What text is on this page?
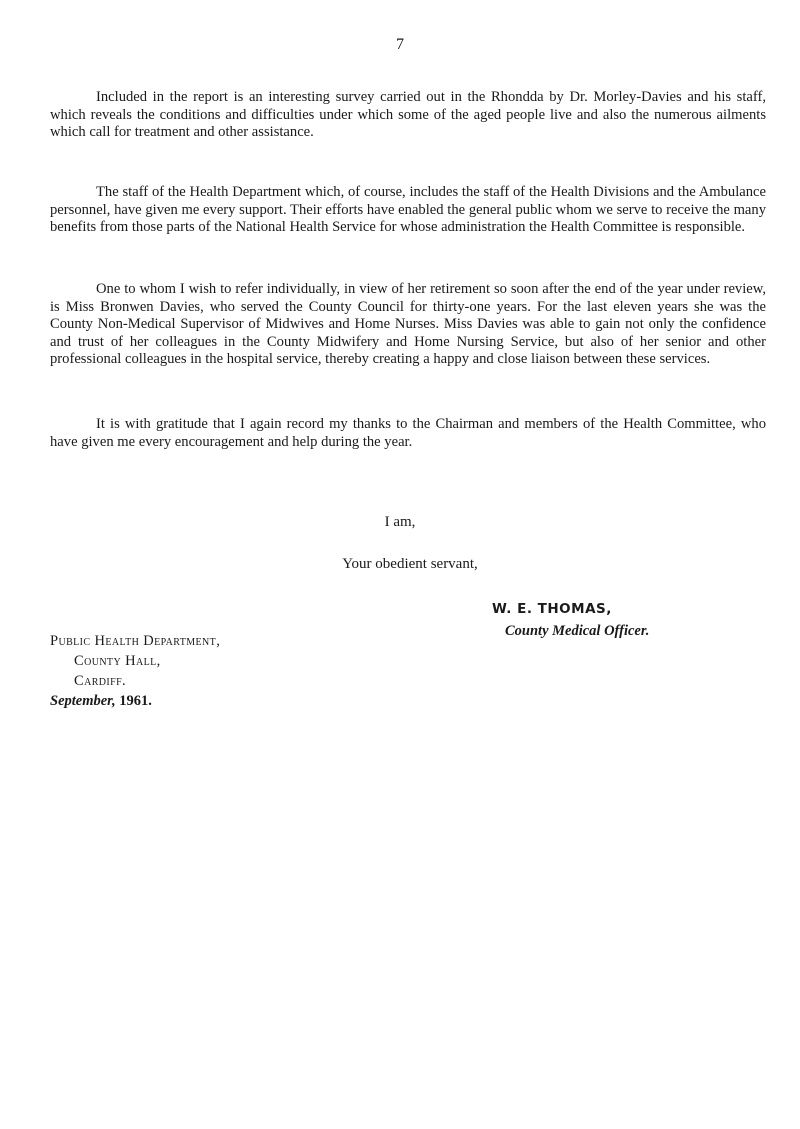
7

Included in the report is an interesting survey carried out in the Rhondda by Dr. Morley-Davies and his staff, which reveals the conditions and difficulties under which some of the aged people live and also the numerous ailments which call for treatment and other assistance.

The staff of the Health Department which, of course, includes the staff of the Health Divisions and the Ambulance personnel, have given me every support. Their efforts have enabled the general public whom we serve to receive the many benefits from those parts of the National Health Service for whose administration the Health Committee is responsible.

One to whom I wish to refer individually, in view of her retirement so soon after the end of the year under review, is Miss Bronwen Davies, who served the County Council for thirty-one years. For the last eleven years she was the County Non-Medical Supervisor of Midwives and Home Nurses. Miss Davies was able to gain not only the confidence and trust of her colleagues in the County Midwifery and Home Nursing Service, but also of her senior and other professional colleagues in the hospital service, thereby creating a happy and close liaison between these services.

It is with gratitude that I again record my thanks to the Chairman and members of the Health Committee, who have given me every encouragement and help during the year.

I am,
Your obedient servant,
W. E. THOMAS,
County Medical Officer.
Public Health Department,
County Hall,
Cardiff.
September, 1961.
